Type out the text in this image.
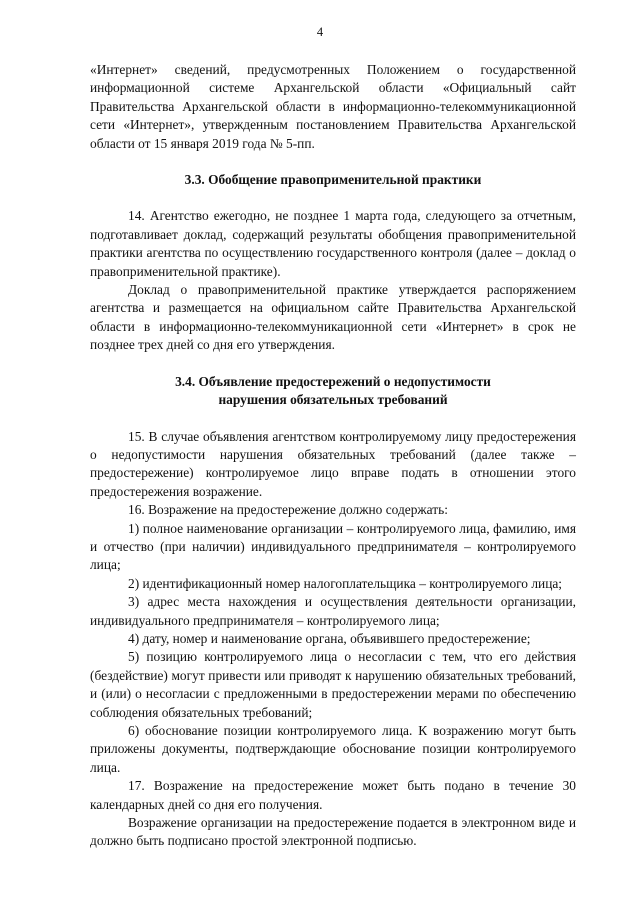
4

«Интернет» сведений, предусмотренных Положением о государственной информационной системе Архангельской области «Официальный сайт Правительства Архангельской области в информационно-телекоммуникационной сети «Интернет», утвержденным постановлением Правительства Архангельской области от 15 января 2019 года № 5-пп.

3.3. Обобщение правоприменительной практики

14. Агентство ежегодно, не позднее 1 марта года, следующего за отчетным, подготавливает доклад, содержащий результаты обобщения правоприменительной практики агентства по осуществлению государственного контроля (далее – доклад о правоприменительной практике).

Доклад о правоприменительной практике утверждается распоряжением агентства и размещается на официальном сайте Правительства Архангельской области в информационно-телекоммуникационной сети «Интернет» в срок не позднее трех дней со дня его утверждения.

3.4. Объявление предостережений о недопустимости

нарушения обязательных требований

15. В случае объявления агентством контролируемому лицу предостережения о недопустимости нарушения обязательных требований (далее также – предостережение) контролируемое лицо вправе подать в отношении этого предостережения возражение.

16. Возражение на предостережение должно содержать:

1) полное наименование организации – контролируемого лица, фамилию, имя и отчество (при наличии) индивидуального предпринимателя – контролируемого лица;

2) идентификационный номер налогоплательщика – контролируемого лица;

3) адрес места нахождения и осуществления деятельности организации, индивидуального предпринимателя – контролируемого лица;

4) дату, номер и наименование органа, объявившего предостережение;

5) позицию контролируемого лица о несогласии с тем, что его действия (бездействие) могут привести или приводят к нарушению обязательных требований, и (или) о несогласии с предложенными в предостережении мерами по обеспечению соблюдения обязательных требований;

6) обоснование позиции контролируемого лица. К возражению могут быть приложены документы, подтверждающие обоснование позиции контролируемого лица.

17. Возражение на предостережение может быть подано в течение 30 календарных дней со дня его получения.

Возражение организации на предостережение подается в электронном виде и должно быть подписано простой электронной подписью.
